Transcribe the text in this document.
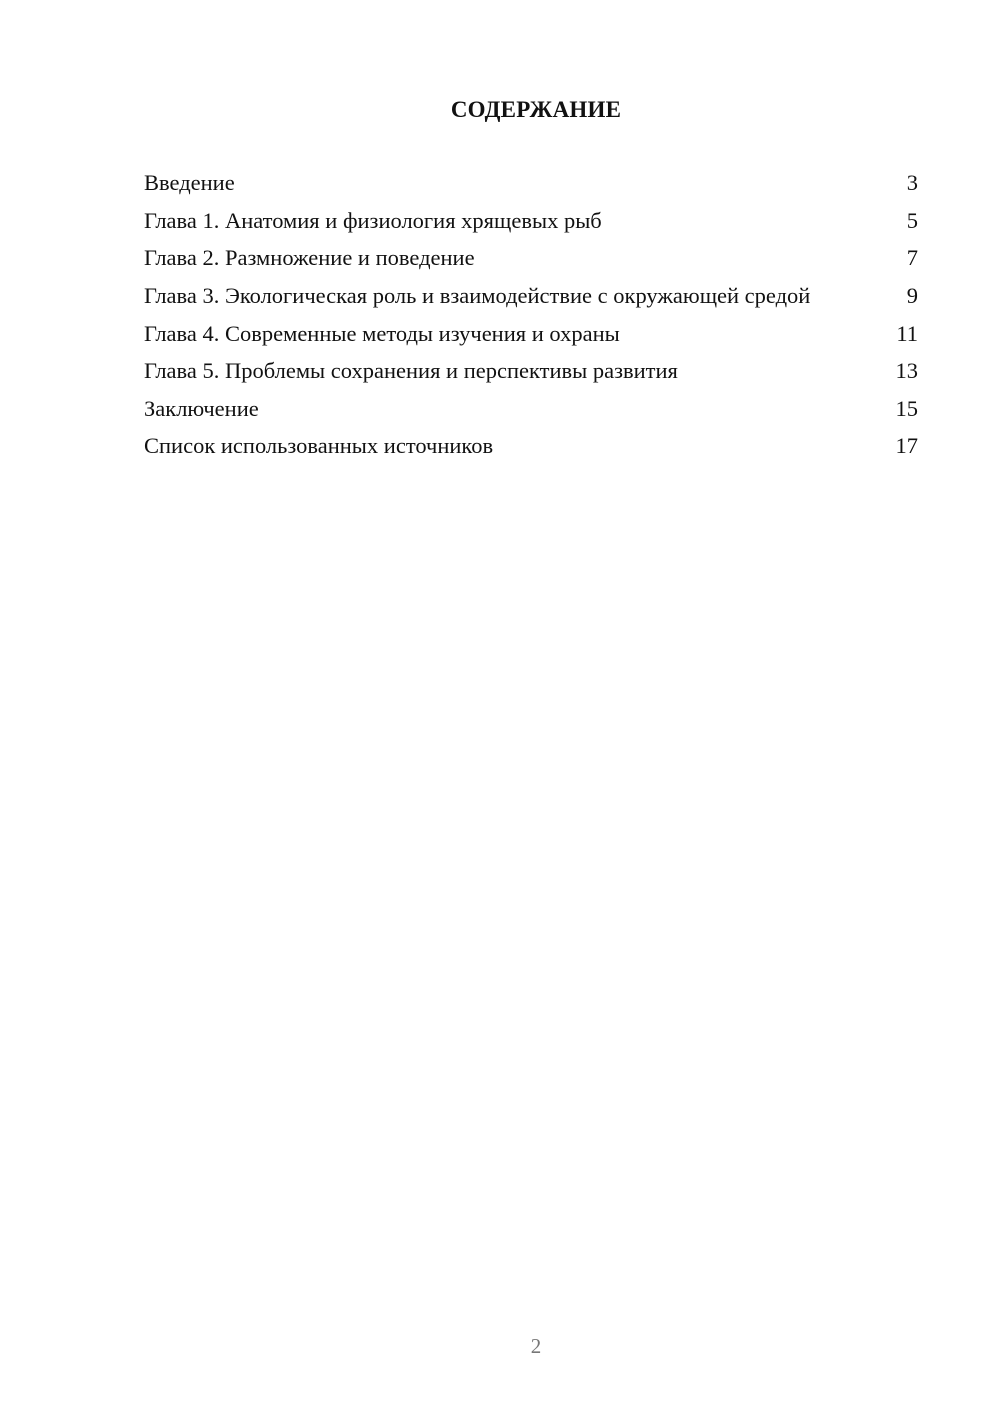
СОДЕРЖАНИЕ
Введение	3
Глава 1. Анатомия и физиология хрящевых рыб	5
Глава 2. Размножение и поведение	7
Глава 3. Экологическая роль и взаимодействие с окружающей средой	9
Глава 4. Современные методы изучения и охраны	11
Глава 5. Проблемы сохранения и перспективы развития	13
Заключение	15
Список использованных источников	17
2
